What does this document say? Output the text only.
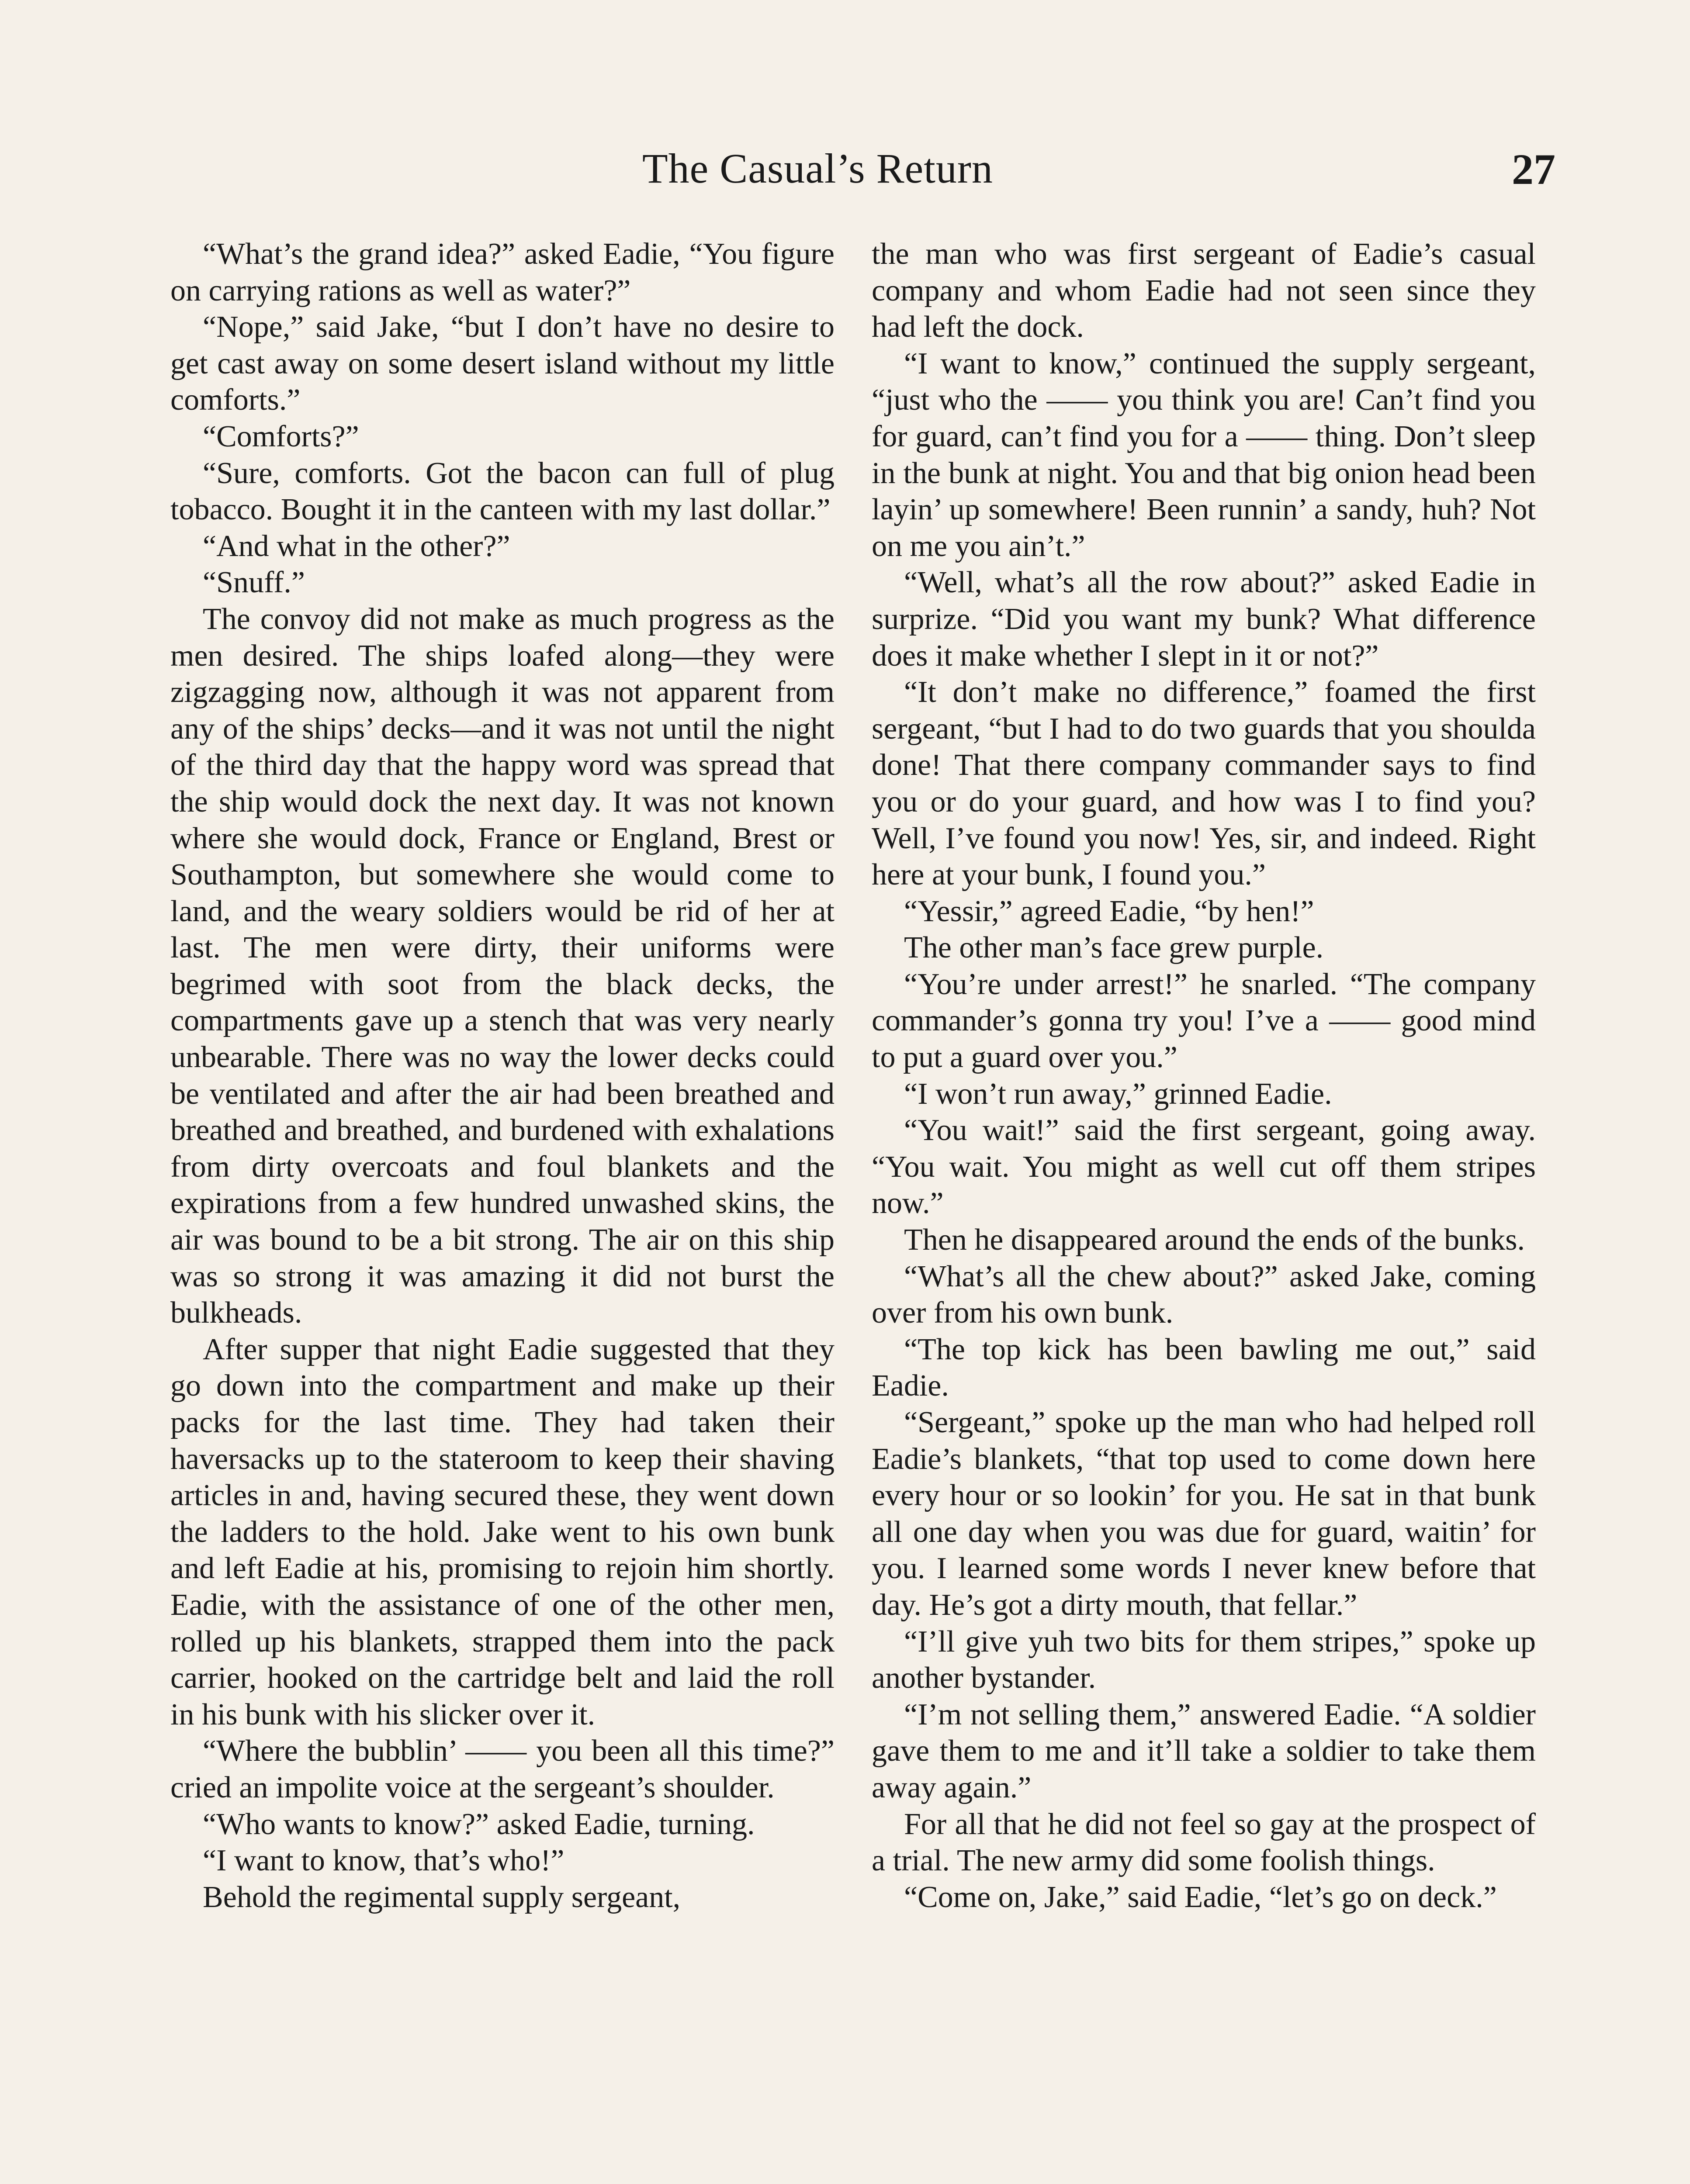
The Casual’s Return	27

“What’s the grand idea?” asked Eadie, “You figure on carrying rations as well as water?”

“Nope,” said Jake, “but I don’t have no desire to get cast away on some desert island without my little comforts.”

“Comforts?”

“Sure, comforts. Got the bacon can full of plug tobacco. Bought it in the canteen with my last dollar.”

“And what in the other?”

“Snuff.”

The convoy did not make as much progress as the men desired. The ships loafed along—they were zigzagging now, although it was not apparent from any of the ships’ decks—and it was not until the night of the third day that the happy word was spread that the ship would dock the next day. It was not known where she would dock, France or England, Brest or Southampton, but somewhere she would come to land, and the weary soldiers would be rid of her at last. The men were dirty, their uniforms were begrimed with soot from the black decks, the compartments gave up a stench that was very nearly unbearable. There was no way the lower decks could be ventilated and after the air had been breathed and breathed and breathed, and burdened with exhalations from dirty overcoats and foul blankets and the expirations from a few hundred unwashed skins, the air was bound to be a bit strong. The air on this ship was so strong it was amazing it did not burst the bulkheads.

After supper that night Eadie suggested that they go down into the compartment and make up their packs for the last time. They had taken their haversacks up to the stateroom to keep their shaving articles in and, having secured these, they went down the ladders to the hold. Jake went to his own bunk and left Eadie at his, promising to rejoin him shortly. Eadie, with the assistance of one of the other men, rolled up his blankets, strapped them into the pack carrier, hooked on the cartridge belt and laid the roll in his bunk with his slicker over it.

“Where the bubblin’ —— you been all this time?” cried an impolite voice at the sergeant’s shoulder.

“Who wants to know?” asked Eadie, turning.

“I want to know, that’s who!”

Behold the regimental supply sergeant,

the man who was first sergeant of Eadie’s casual company and whom Eadie had not seen since they had left the dock.

“I want to know,” continued the supply sergeant, “just who the —— you think you are! Can’t find you for guard, can’t find you for a —— thing. Don’t sleep in the bunk at night. You and that big onion head been layin’ up somewhere! Been runnin’ a sandy, huh? Not on me you ain’t.”

“Well, what’s all the row about?” asked Eadie in surprize. “Did you want my bunk? What difference does it make whether I slept in it or not?”

“It don’t make no difference,” foamed the first sergeant, “but I had to do two guards that you shoulda done! That there company commander says to find you or do your guard, and how was I to find you? Well, I’ve found you now! Yes, sir, and indeed. Right here at your bunk, I found you.”

“Yessir,” agreed Eadie, “by hen!”

The other man’s face grew purple.

“You’re under arrest!” he snarled. “The company commander’s gonna try you! I’ve a —— good mind to put a guard over you.”

“I won’t run away,” grinned Eadie.

“You wait!” said the first sergeant, going away. “You wait. You might as well cut off them stripes now.”

Then he disappeared around the ends of the bunks.

“What’s all the chew about?” asked Jake, coming over from his own bunk.

“The top kick has been bawling me out,” said Eadie.

“Sergeant,” spoke up the man who had helped roll Eadie’s blankets, “that top used to come down here every hour or so lookin’ for you. He sat in that bunk all one day when you was due for guard, waitin’ for you. I learned some words I never knew before that day. He’s got a dirty mouth, that fellar.”

“I’ll give yuh two bits for them stripes,” spoke up another bystander.

“I’m not selling them,” answered Eadie. “A soldier gave them to me and it’ll take a soldier to take them away again.”

For all that he did not feel so gay at the prospect of a trial. The new army did some foolish things.

“Come on, Jake,” said Eadie, “let’s go on deck.”
